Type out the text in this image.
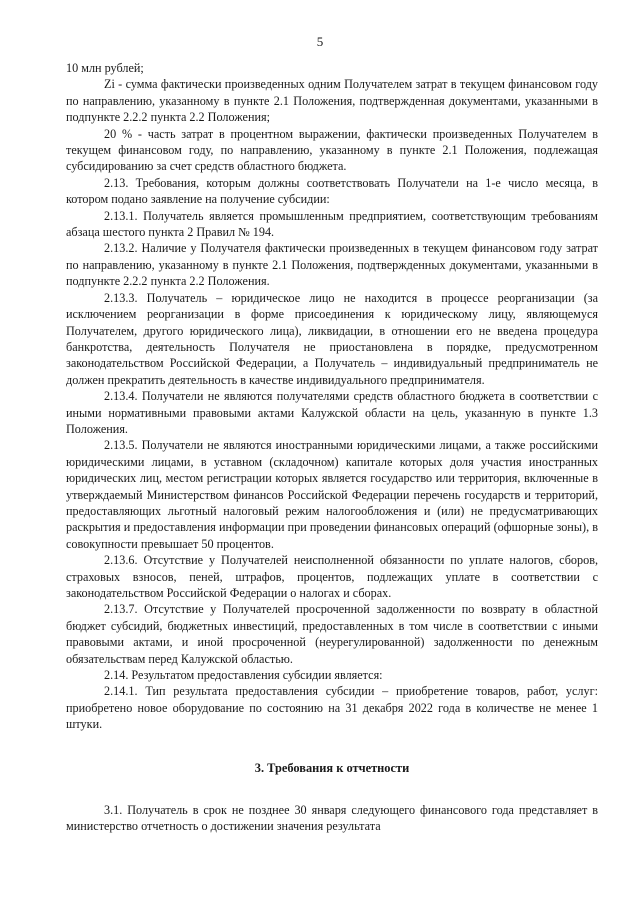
5

10 млн рублей;

Zi - сумма фактически произведенных одним Получателем затрат в текущем финансовом году по направлению, указанному в пункте 2.1 Положения, подтвержденная документами, указанными в подпункте 2.2.2 пункта 2.2 Положения;

20 % - часть затрат в процентном выражении, фактически произведенных Получателем в текущем финансовом году, по направлению, указанному в пункте 2.1 Положения, подлежащая субсидированию за счет средств областного бюджета.

2.13. Требования, которым должны соответствовать Получатели на 1-е число месяца, в котором подано заявление на получение субсидии:

2.13.1. Получатель является промышленным предприятием, соответствующим требованиям абзаца шестого пункта 2 Правил № 194.

2.13.2. Наличие у Получателя фактически произведенных в текущем финансовом году затрат по направлению, указанному в пункте 2.1 Положения, подтвержденных документами, указанными в подпункте 2.2.2 пункта 2.2 Положения.

2.13.3. Получатель – юридическое лицо не находится в процессе реорганизации (за исключением реорганизации в форме присоединения к юридическому лицу, являющемуся Получателем, другого юридического лица), ликвидации, в отношении его не введена процедура банкротства, деятельность Получателя не приостановлена в порядке, предусмотренном законодательством Российской Федерации, а Получатель – индивидуальный предприниматель не должен прекратить деятельность в качестве индивидуального предпринимателя.

2.13.4. Получатели не являются получателями средств областного бюджета в соответствии с иными нормативными правовыми актами Калужской области на цель, указанную в пункте 1.3 Положения.

2.13.5. Получатели не являются иностранными юридическими лицами, а также российскими юридическими лицами, в уставном (складочном) капитале которых доля участия иностранных юридических лиц, местом регистрации которых является государство или территория, включенные в утверждаемый Министерством финансов Российской Федерации перечень государств и территорий, предоставляющих льготный налоговый режим налогообложения и (или) не предусматривающих раскрытия и предоставления информации при проведении финансовых операций (офшорные зоны), в совокупности превышает 50 процентов.

2.13.6. Отсутствие у Получателей неисполненной обязанности по уплате налогов, сборов, страховых взносов, пеней, штрафов, процентов, подлежащих уплате в соответствии с законодательством Российской Федерации о налогах и сборах.

2.13.7. Отсутствие у Получателей просроченной задолженности по возврату в областной бюджет субсидий, бюджетных инвестиций, предоставленных в том числе в соответствии с иными правовыми актами, и иной просроченной (неурегулированной) задолженности по денежным обязательствам перед Калужской областью.

2.14. Результатом предоставления субсидии является:

2.14.1. Тип результата предоставления субсидии – приобретение товаров, работ, услуг: приобретено новое оборудование по состоянию на 31 декабря 2022 года в количестве не менее 1 штуки.

3. Требования к отчетности

3.1. Получатель в срок не позднее 30 января следующего финансового года представляет в министерство отчетность о достижении значения результата
